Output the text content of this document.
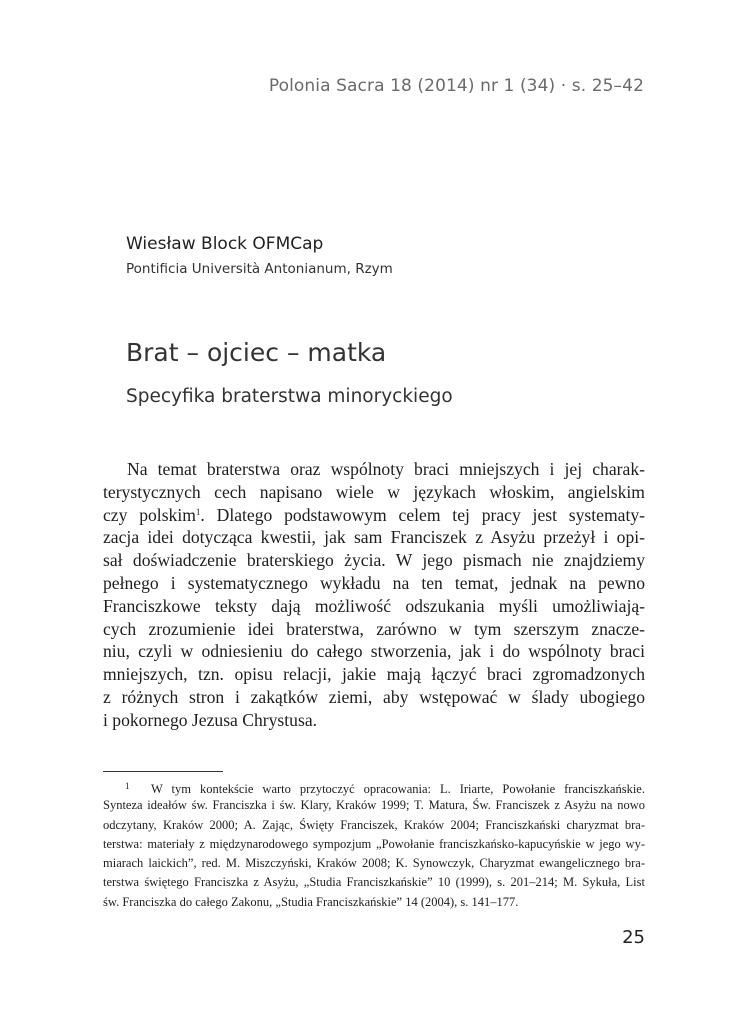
Polonia Sacra 18 (2014) nr 1 (34) · s. 25–42
Wiesław Block OFMCap
Pontificia Università Antonianum, Rzym
Brat – ojciec – matka
Specyfika braterstwa minoryckiego
Na temat braterstwa oraz wspólnoty braci mniejszych i jej charak-
terystycznych cech napisano wiele w językach włoskim, angielskim
czy polskim$^1$. Dlatego podstawowym celem tej pracy jest systematy-
zacja idei dotycząca kwestii, jak sam Franciszek z Asyżu przeżył i opi-
sał doświadczenie braterskiego życia. W jego pismach nie znajdziemy
pełnego i systematycznego wykładu na ten temat, jednak na pewno
Franciszkowe teksty dają możliwość odszukania myśli umożliwiają-
cych zrozumienie idei braterstwa, zarówno w tym szerszym znacze-
niu, czyli w odniesieniu do całego stworzenia, jak i do wspólnoty braci
mniejszych, tzn. opisu relacji, jakie mają łączyć braci zgromadzonych
z różnych stron i zakątków ziemi, aby wstępować w ślady ubogiego
i pokornego Jezusa Chrystusa.
1 W tym kontekście warto przytoczyć opracowania: L. Iriarte, Powołanie franciszkańskie.
Synteza ideałów św. Franciszka i św. Klary, Kraków 1999; T. Matura, Św. Franciszek z Asyżu na nowo
odczytany, Kraków 2000; A. Zając, Święty Franciszek, Kraków 2004; Franciszkański charyzmat bra-
terstwa: materiały z międzynarodowego sympozjum „Powołanie franciszkańsko-kapucyńskie w jego wy-
miarach laickich”, red. M. Miszczyński, Kraków 2008; K. Synowczyk, Charyzmat ewangelicznego bra-
terstwa świętego Franciszka z Asyżu, „Studia Franciszkańskie” 10 (1999), s. 201–214; M. Sykuła, List
św. Franciszka do całego Zakonu, „Studia Franciszkańskie” 14 (2004), s. 141–177.
25
